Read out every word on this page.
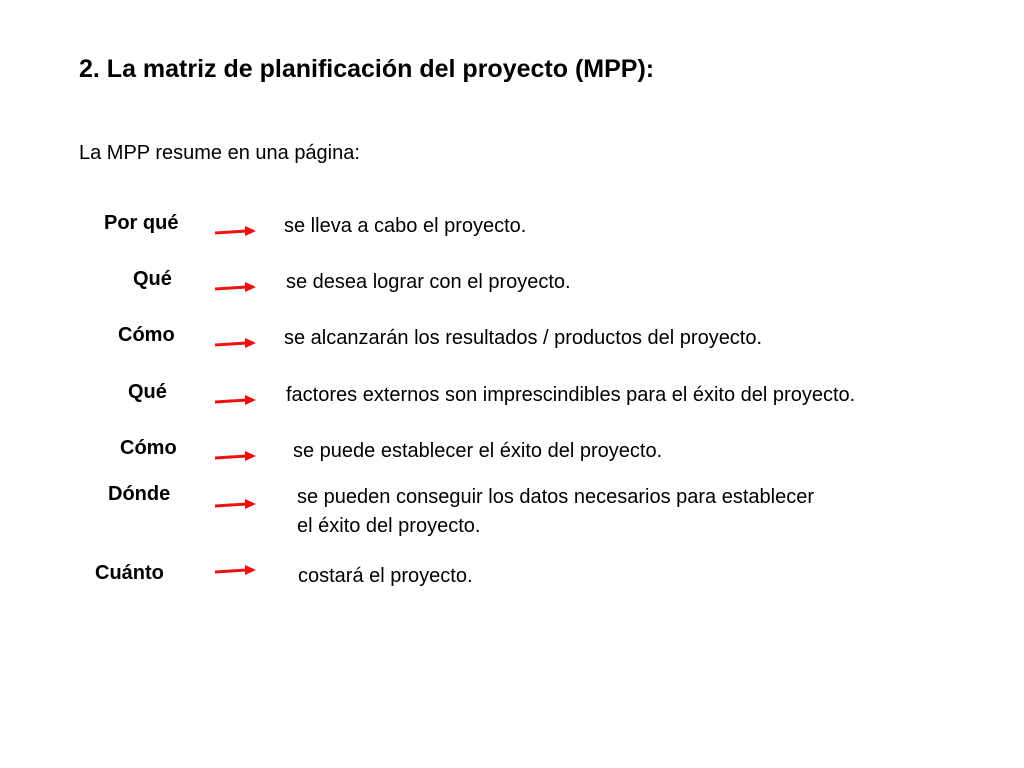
2. La matriz de planificación del proyecto (MPP):
La MPP resume en una página:
Por qué	se lleva a cabo el proyecto.
Qué	se desea lograr con el proyecto.
Cómo	se alcanzarán los resultados / productos del proyecto.
Qué	factores externos son imprescindibles para el éxito del proyecto.
Cómo	se puede establecer el éxito del proyecto.
Dónde	se pueden conseguir los datos necesarios para establecer
el éxito del proyecto.
Cuánto	costará el proyecto.
